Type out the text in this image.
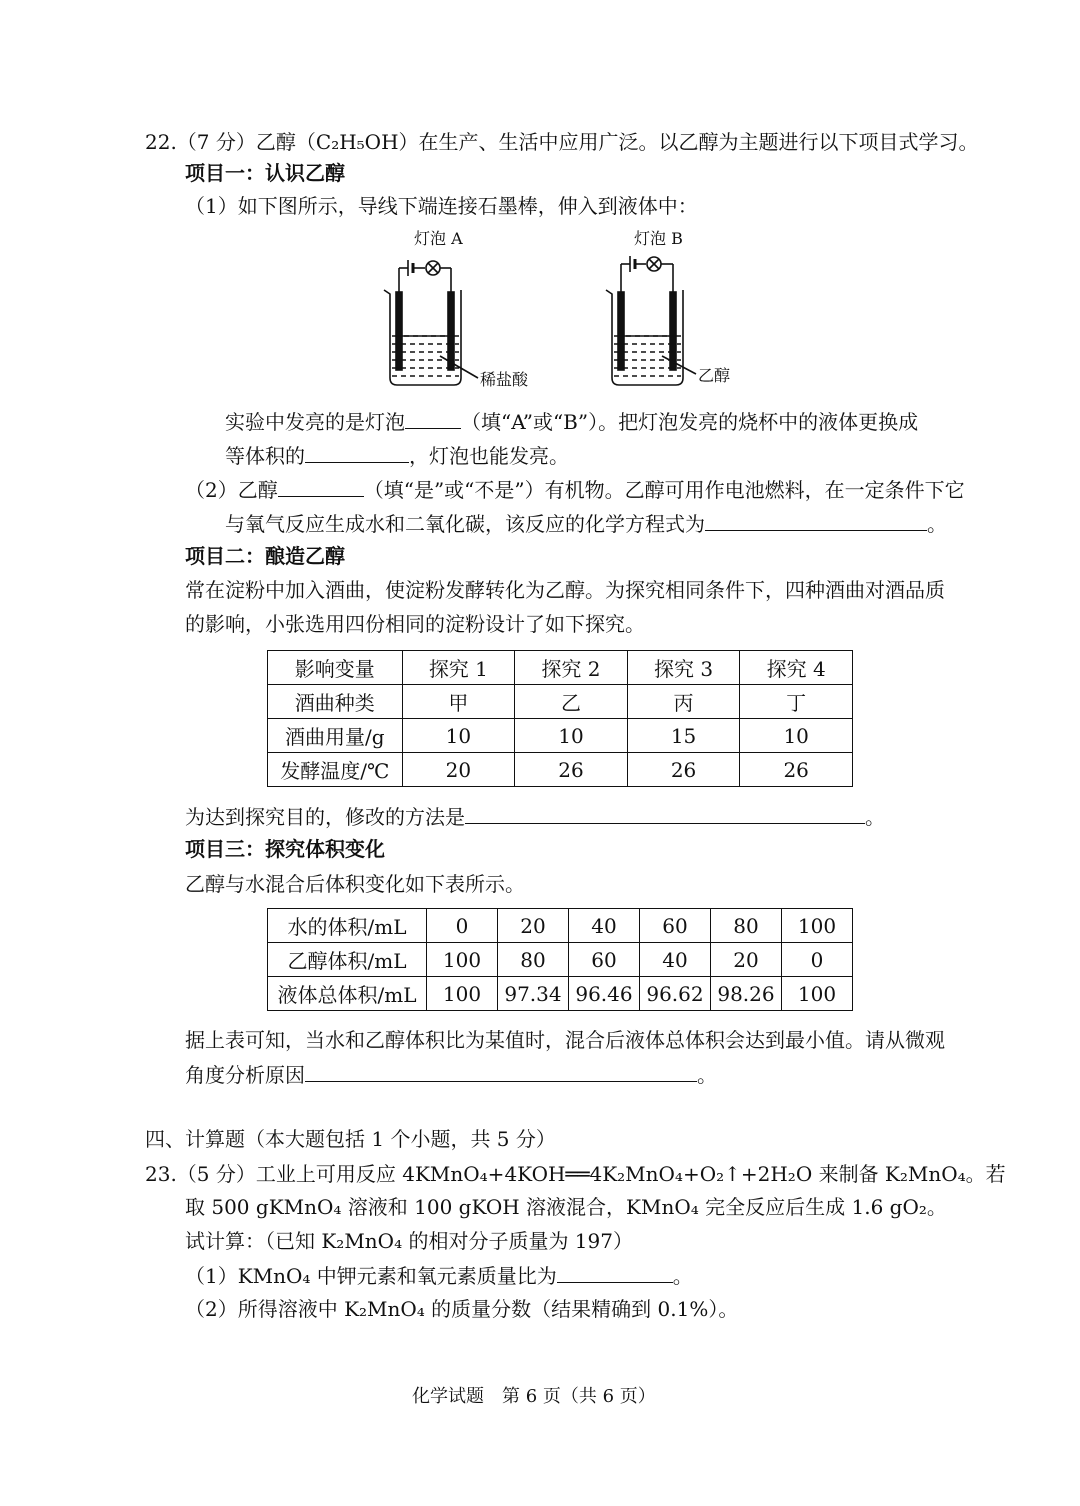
22.（7 分）乙醇（C₂H₅OH）在生产、生活中应用广泛。以乙醇为主题进行以下项目式学习。
项目一：认识乙醇
（1）如下图所示，导线下端连接石墨棒，伸入到液体中：
灯泡 A	灯泡 B
稀盐酸	乙醇
实验中发亮的是灯泡	（填“A”或“B”）。把灯泡发亮的烧杯中的液体更换成
等体积的	，灯泡也能发亮。
（2）乙醇	（填“是”或“不是”）有机物。乙醇可用作电池燃料，在一定条件下它
与氧气反应生成水和二氧化碳，该反应的化学方程式为	。
项目二：酿造乙醇
常在淀粉中加入酒曲，使淀粉发酵转化为乙醇。为探究相同条件下，四种酒曲对酒品质
的影响，小张选用四份相同的淀粉设计了如下探究。
影响变量	探究 1	探究 2	探究 3	探究 4
酒曲种类	甲	乙	丙	丁
酒曲用量/g	10	10	15	10
发酵温度/℃	20	26	26	26
为达到探究目的，修改的方法是	。
项目三：探究体积变化
乙醇与水混合后体积变化如下表所示。
水的体积/mL	0	20	40	60	80	100
乙醇体积/mL	100	80	60	40	20	0
液体总体积/mL	100	97.34	96.46	96.62	98.26	100
据上表可知，当水和乙醇体积比为某值时，混合后液体总体积会达到最小值。请从微观
角度分析原因	。
四、计算题（本大题包括 1 个小题，共 5 分）
23.（5 分）工业上可用反应 4KMnO₄+4KOH══4K₂MnO₄+O₂↑+2H₂O 来制备 K₂MnO₄。若
取 500 gKMnO₄ 溶液和 100 gKOH 溶液混合，KMnO₄ 完全反应后生成 1.6 gO₂。
试计算：（已知 K₂MnO₄ 的相对分子质量为 197）
（1）KMnO₄ 中钾元素和氧元素质量比为	。
（2）所得溶液中 K₂MnO₄ 的质量分数（结果精确到 0.1%）。
化学试题　第 6 页（共 6 页）
